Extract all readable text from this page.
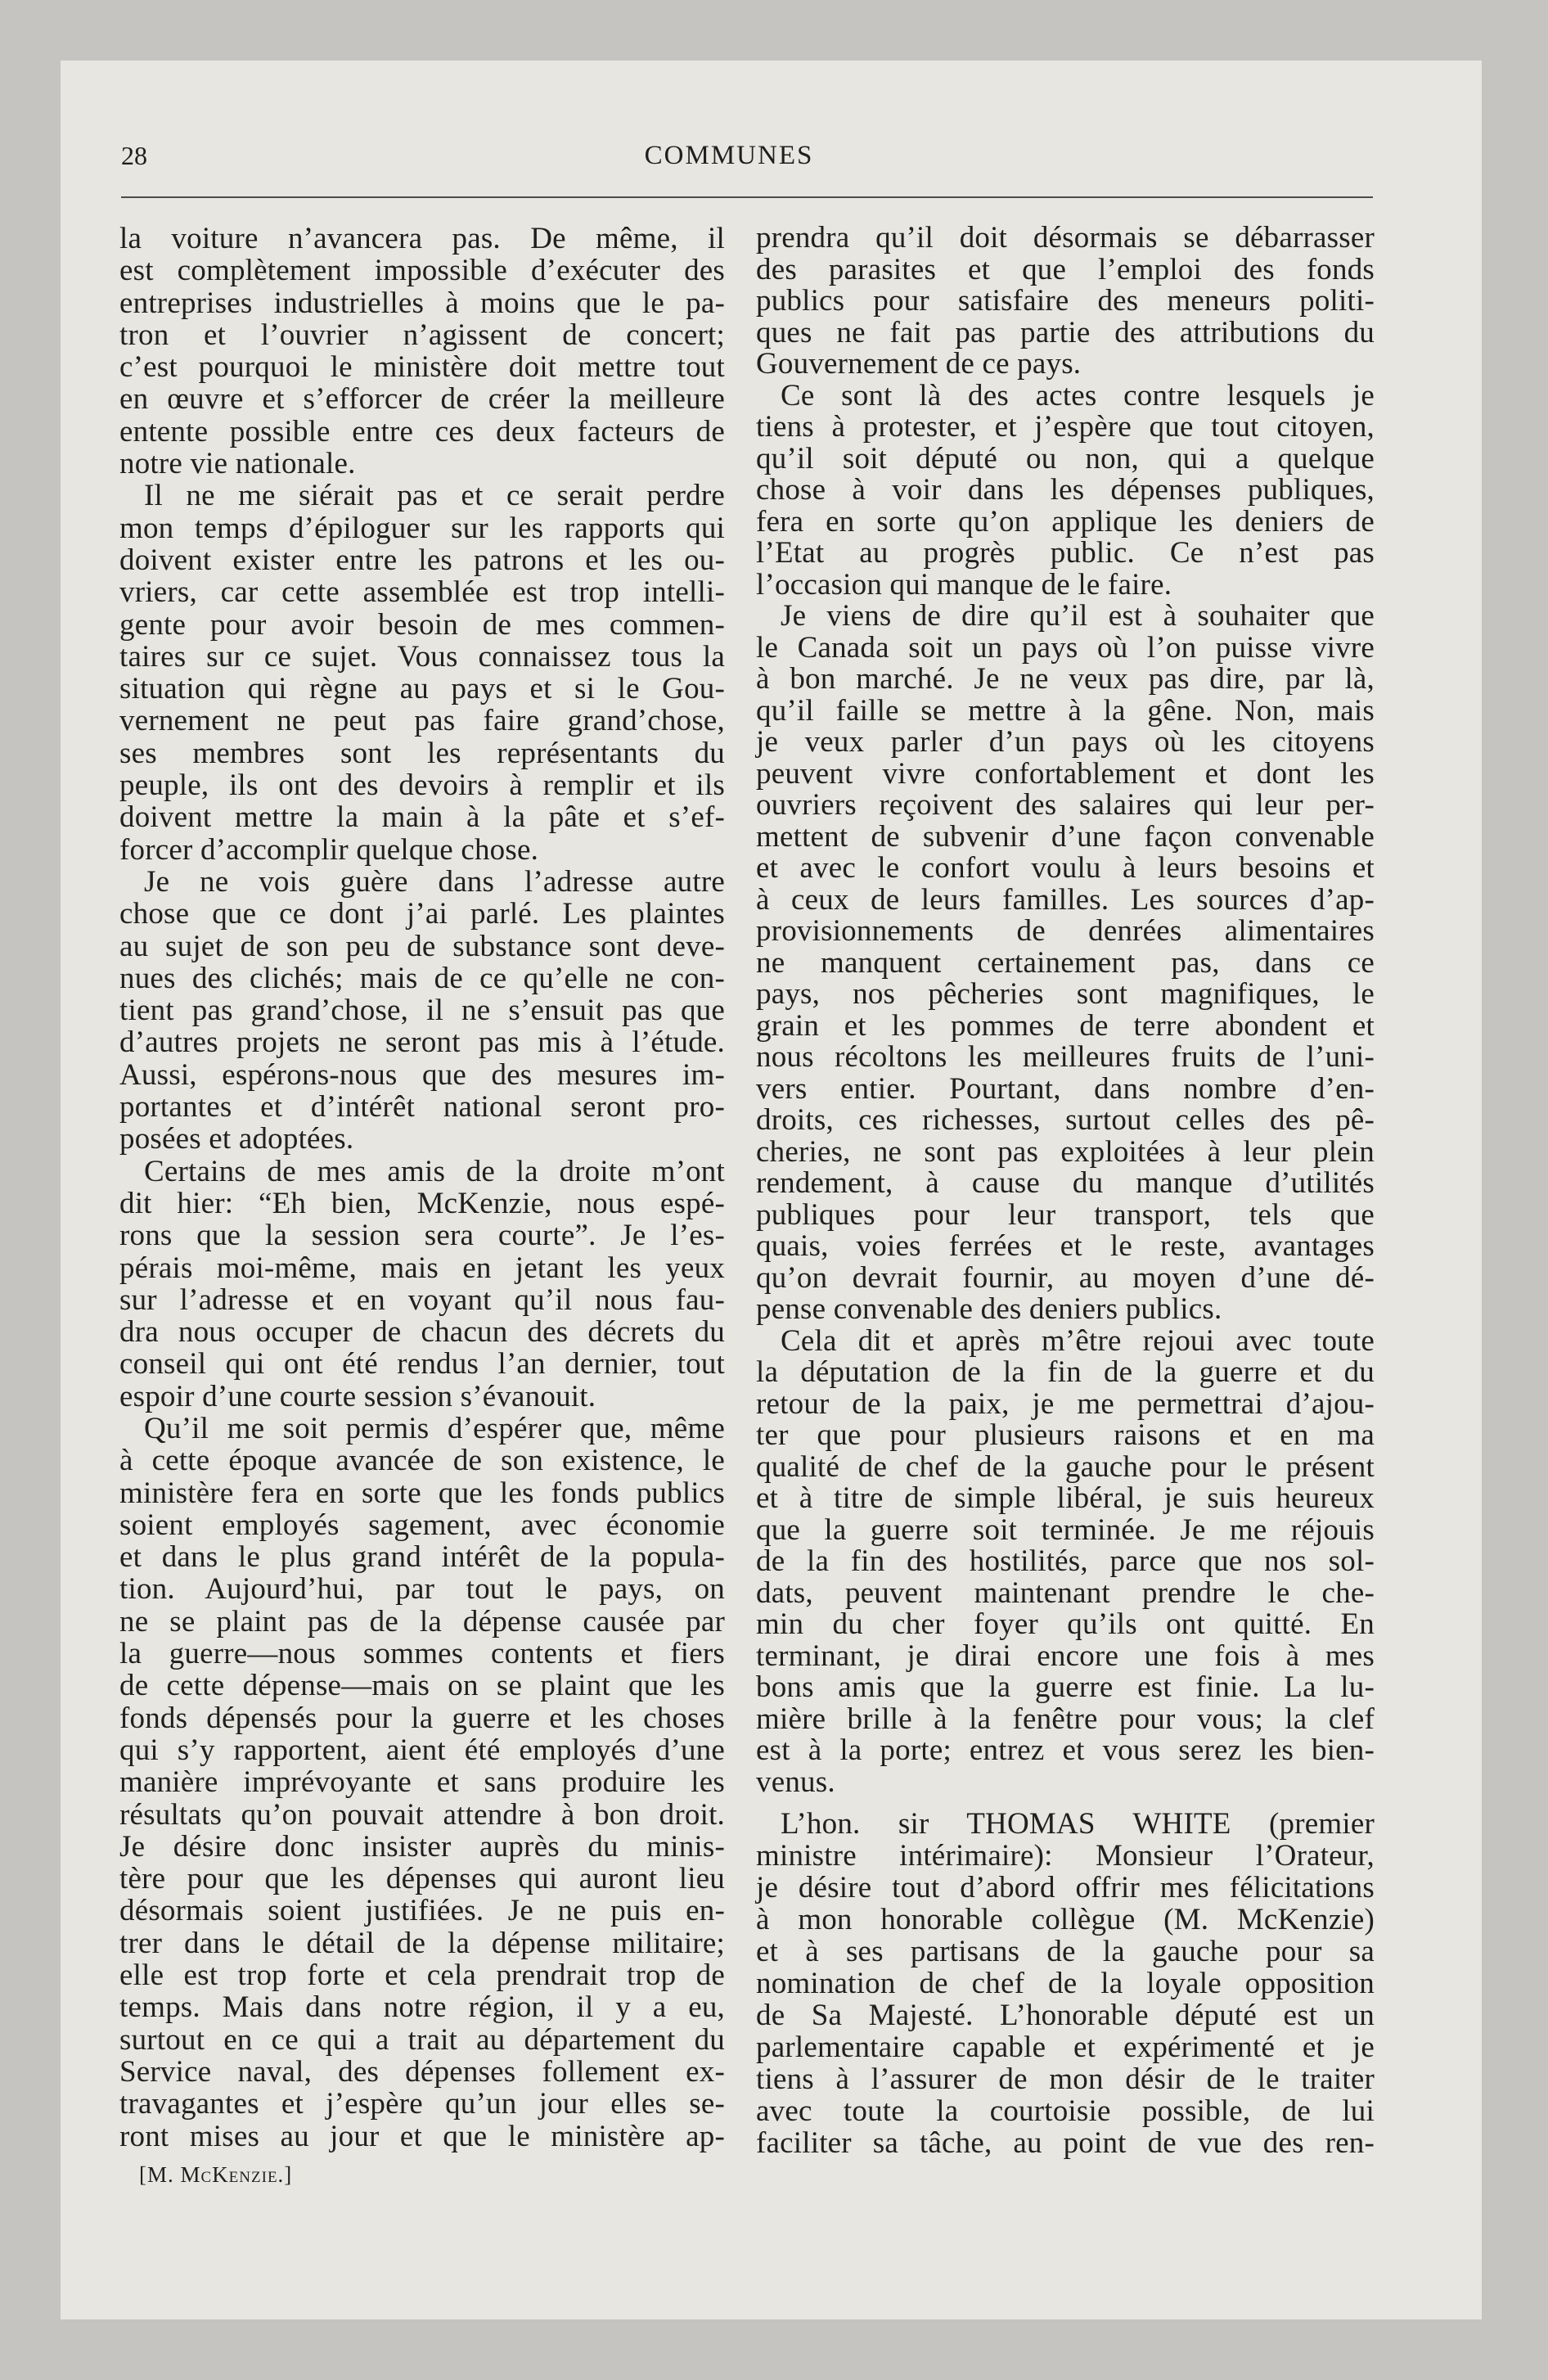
28	COMMUNES
la voiture n’avancera pas. De même, il
est complètement impossible d’exécuter des
entreprises industrielles à moins que le pa-
tron et l’ouvrier n’agissent de concert;
c’est pourquoi le ministère doit mettre tout
en œuvre et s’efforcer de créer la meilleure
entente possible entre ces deux facteurs de
notre vie nationale.
Il ne me siérait pas et ce serait perdre
mon temps d’épiloguer sur les rapports qui
doivent exister entre les patrons et les ou-
vriers, car cette assemblée est trop intelli-
gente pour avoir besoin de mes commen-
taires sur ce sujet. Vous connaissez tous la
situation qui règne au pays et si le Gou-
vernement ne peut pas faire grand’chose,
ses membres sont les représentants du
peuple, ils ont des devoirs à remplir et ils
doivent mettre la main à la pâte et s’ef-
forcer d’accomplir quelque chose.
Je ne vois guère dans l’adresse autre
chose que ce dont j’ai parlé. Les plaintes
au sujet de son peu de substance sont deve-
nues des clichés; mais de ce qu’elle ne con-
tient pas grand’chose, il ne s’ensuit pas que
d’autres projets ne seront pas mis à l’étude.
Aussi, espérons-nous que des mesures im-
portantes et d’intérêt national seront pro-
posées et adoptées.
Certains de mes amis de la droite m’ont
dit hier: “Eh bien, McKenzie, nous espé-
rons que la session sera courte”. Je l’es-
pérais moi-même, mais en jetant les yeux
sur l’adresse et en voyant qu’il nous fau-
dra nous occuper de chacun des décrets du
conseil qui ont été rendus l’an dernier, tout
espoir d’une courte session s’évanouit.
Qu’il me soit permis d’espérer que, même
à cette époque avancée de son existence, le
ministère fera en sorte que les fonds publics
soient employés sagement, avec économie
et dans le plus grand intérêt de la popula-
tion. Aujourd’hui, par tout le pays, on
ne se plaint pas de la dépense causée par
la guerre—nous sommes contents et fiers
de cette dépense—mais on se plaint que les
fonds dépensés pour la guerre et les choses
qui s’y rapportent, aient été employés d’une
manière imprévoyante et sans produire les
résultats qu’on pouvait attendre à bon droit.
Je désire donc insister auprès du minis-
tère pour que les dépenses qui auront lieu
désormais soient justifiées. Je ne puis en-
trer dans le détail de la dépense militaire;
elle est trop forte et cela prendrait trop de
temps. Mais dans notre région, il y a eu,
surtout en ce qui a trait au département du
Service naval, des dépenses follement ex-
travagantes et j’espère qu’un jour elles se-
ront mises au jour et que le ministère ap-
prendra qu’il doit désormais se débarrasser
des parasites et que l’emploi des fonds
publics pour satisfaire des meneurs politi-
ques ne fait pas partie des attributions du
Gouvernement de ce pays.
Ce sont là des actes contre lesquels je
tiens à protester, et j’espère que tout citoyen,
qu’il soit député ou non, qui a quelque
chose à voir dans les dépenses publiques,
fera en sorte qu’on applique les deniers de
l’Etat au progrès public. Ce n’est pas
l’occasion qui manque de le faire.
Je viens de dire qu’il est à souhaiter que
le Canada soit un pays où l’on puisse vivre
à bon marché. Je ne veux pas dire, par là,
qu’il faille se mettre à la gêne. Non, mais
je veux parler d’un pays où les citoyens
peuvent vivre confortablement et dont les
ouvriers reçoivent des salaires qui leur per-
mettent de subvenir d’une façon convenable
et avec le confort voulu à leurs besoins et
à ceux de leurs familles. Les sources d’ap-
provisionnements de denrées alimentaires
ne manquent certainement pas, dans ce
pays, nos pêcheries sont magnifiques, le
grain et les pommes de terre abondent et
nous récoltons les meilleures fruits de l’uni-
vers entier. Pourtant, dans nombre d’en-
droits, ces richesses, surtout celles des pê-
cheries, ne sont pas exploitées à leur plein
rendement, à cause du manque d’utilités
publiques pour leur transport, tels que
quais, voies ferrées et le reste, avantages
qu’on devrait fournir, au moyen d’une dé-
pense convenable des deniers publics.
Cela dit et après m’être rejoui avec toute
la députation de la fin de la guerre et du
retour de la paix, je me permettrai d’ajou-
ter que pour plusieurs raisons et en ma
qualité de chef de la gauche pour le présent
et à titre de simple libéral, je suis heureux
que la guerre soit terminée. Je me réjouis
de la fin des hostilités, parce que nos sol-
dats, peuvent maintenant prendre le che-
min du cher foyer qu’ils ont quitté. En
terminant, je dirai encore une fois à mes
bons amis que la guerre est finie. La lu-
mière brille à la fenêtre pour vous; la clef
est à la porte; entrez et vous serez les bien-
venus.
L’hon. sir THOMAS WHITE (premier
ministre intérimaire): Monsieur l’Orateur,
je désire tout d’abord offrir mes félicitations
à mon honorable collègue (M. McKenzie)
et à ses partisans de la gauche pour sa
nomination de chef de la loyale opposition
de Sa Majesté. L’honorable député est un
parlementaire capable et expérimenté et je
tiens à l’assurer de mon désir de le traiter
avec toute la courtoisie possible, de lui
faciliter sa tâche, au point de vue des ren-
[M. McKenzie.]
